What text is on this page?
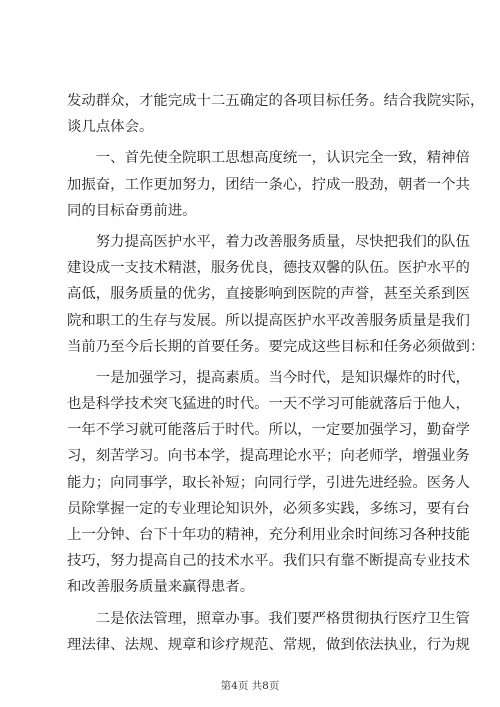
发动群众，才能完成十二五确定的各项目标任务。结合我院实际，
谈几点体会。
　　一、首先使全院职工思想高度统一，认识完全一致，精神倍
加振奋，工作更加努力，团结一条心，拧成一股劲，朝者一个共
同的目标奋勇前进。
　　努力提高医护水平，着力改善服务质量，尽快把我们的队伍
建设成一支技术精湛，服务优良，德技双馨的队伍。医护水平的
高低，服务质量的优劣，直接影响到医院的声誉，甚至关系到医
院和职工的生存与发展。所以提高医护水平改善服务质量是我们
当前乃至今后长期的首要任务。要完成这些目标和任务必须做到：
　　一是加强学习，提高素质。当今时代，是知识爆炸的时代，
也是科学技术突飞猛进的时代。一天不学习可能就落后于他人，
一年不学习就可能落后于时代。所以，一定要加强学习，勤奋学
习，刻苦学习。向书本学，提高理论水平；向老师学，增强业务
能力；向同事学，取长补短；向同行学，引进先进经验。医务人
员除掌握一定的专业理论知识外，必须多实践，多练习，要有台
上一分钟、台下十年功的精神，充分利用业余时间练习各种技能
技巧，努力提高自己的技术水平。我们只有靠不断提高专业技术
和改善服务质量来赢得患者。
　　二是依法管理，照章办事。我们要严格贯彻执行医疗卫生管
理法律、法规、规章和诊疗规范、常规，做到依法执业，行为规
第4页 共8页
